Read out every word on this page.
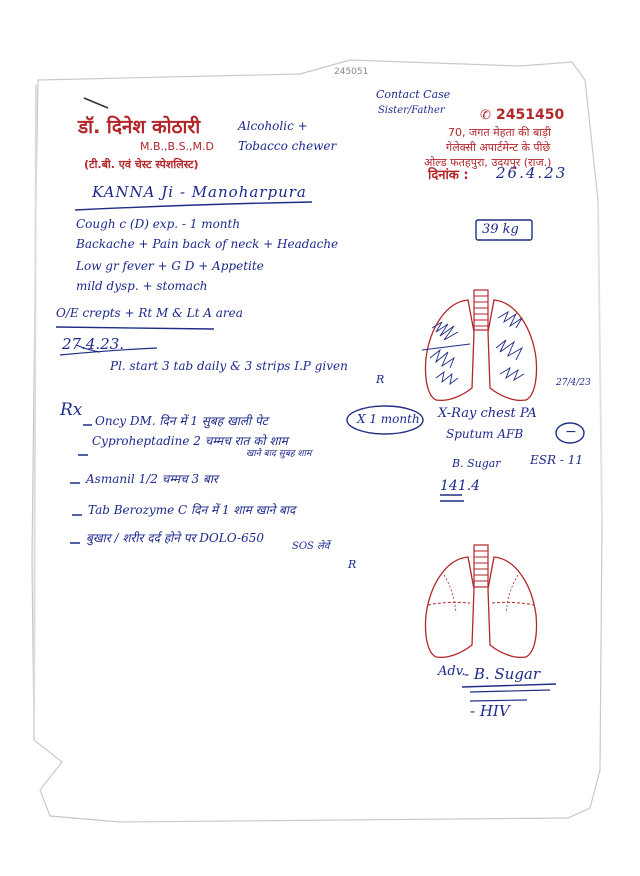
245051
डॉ. दिनेश कोठारी
M.B.,B.S.,M.D
(टी.बी. एवं चेस्ट स्पेशलिस्ट)
✆ 2451450
70, जगत मेहता की बाड़ी
गेलेक्सी अपार्टमेन्ट के पीछे
ओल्ड फतहपुरा, उदयपुर (राज.)
दिनांक : 26.4.23
Contact Case
Sister/Father
Alcoholic +
Tobacco chewer
KANNA Ji - Manoharpura
39 kg
Cough c (D) exp. - 1 month
Backache + Pain back of neck + Headache
Low gr fever + G D + Appetite
mild dysp. + stomach
O/E crepts + Rt M & Lt A area
27.4.23.
Pl. start 3 tab daily & 3 strips I.P given
R	27/4/23
Rx
Oncy DM. दिन में 1 सुबह खाली पेट	X 1 month
Cyproheptadine 2 चम्मच रात को शाम
खाने बाद सुबह शाम
Asmanil 1/2 चम्मच 3 बार
Tab Berozyme C दिन में 1 शाम खाने बाद
बुखार / शरीर दर्द होने पर DOLO-650
SOS लेवें
R
X-Ray chest PA
Sputum AFB	−
B. Sugar ESR - 11
141.4
Adv.
- B. Sugar
- HIV
